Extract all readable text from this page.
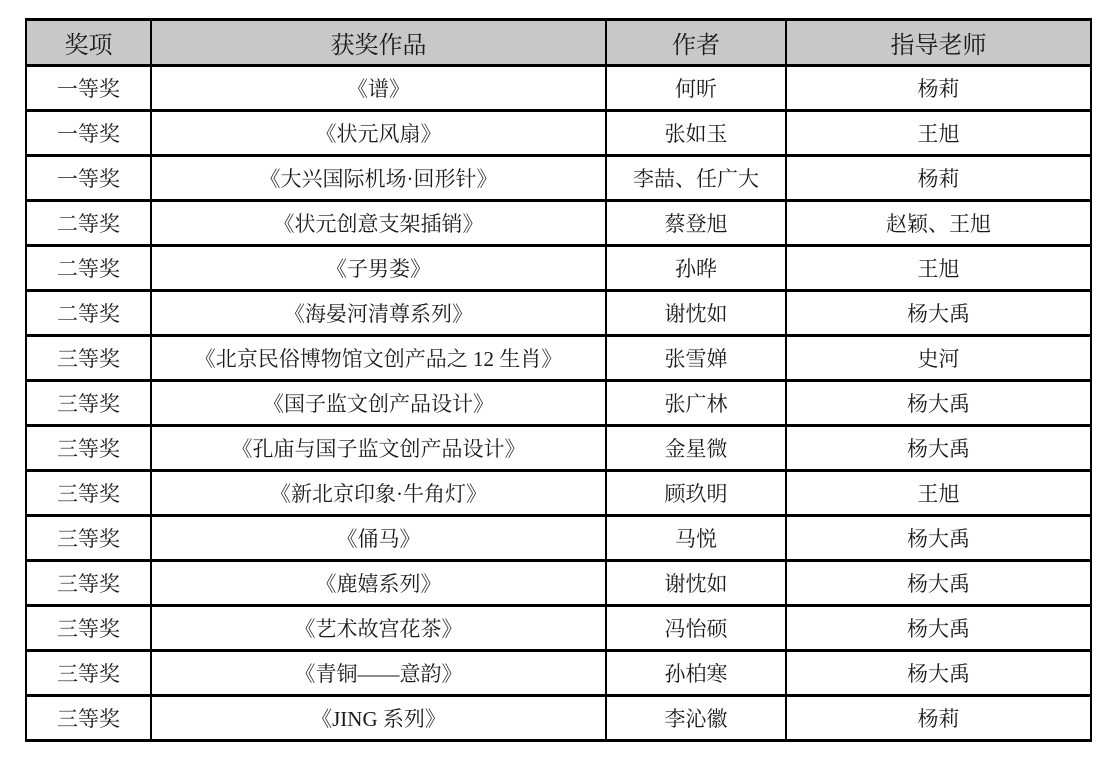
奖项	获奖作品	作者	指导老师
一等奖	《谱》	何昕	杨莉
一等奖	《状元风扇》	张如玉	王旭
一等奖	《大兴国际机场·回形针》	李喆、任广大	杨莉
二等奖	《状元创意支架插销》	蔡登旭	赵颖、王旭
二等奖	《子男娄》	孙晔	王旭
二等奖	《海晏河清尊系列》	谢忱如	杨大禹
三等奖	《北京民俗博物馆文创产品之 12 生肖》	张雪婵	史河
三等奖	《国子监文创产品设计》	张广林	杨大禹
三等奖	《孔庙与国子监文创产品设计》	金星微	杨大禹
三等奖	《新北京印象·牛角灯》	顾玖明	王旭
三等奖	《俑马》	马悦	杨大禹
三等奖	《鹿嬉系列》	谢忱如	杨大禹
三等奖	《艺术故宫花茶》	冯怡硕	杨大禹
三等奖	《青铜——意韵》	孙柏寒	杨大禹
三等奖	《JING 系列》	李沁徽	杨莉
